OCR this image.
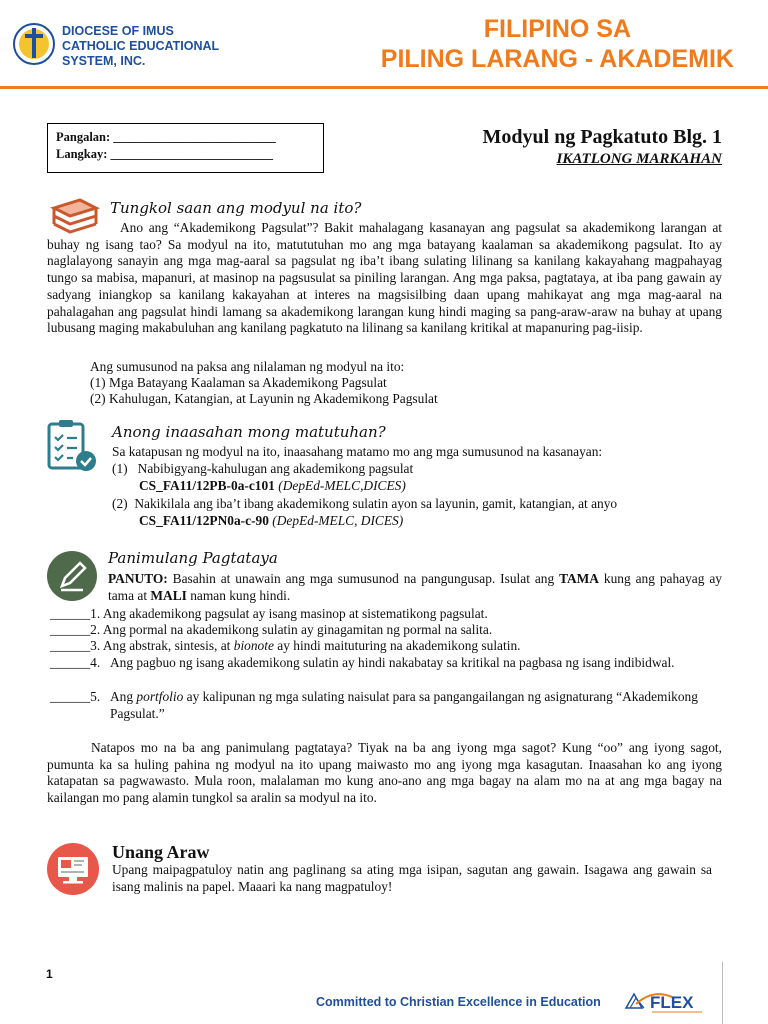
DIOCESE OF IMUS
CATHOLIC EDUCATIONAL
SYSTEM, INC.
FILIPINO SA
PILING LARANG - AKADEMIK
Pangalan: __________________________
Langkay: __________________________
Modyul ng Pagkatuto Blg. 1
IKATLONG MARKAHAN
Tungkol saan ang modyul na ito?
Ano ang “Akademikong Pagsulat”? Bakit mahalagang kasanayan ang pagsulat sa akademikong larangan at buhay ng isang tao? Sa modyul na ito, matututuhan mo ang mga batayang kaalaman sa akademikong pagsulat. Ito ay naglalayong sanayin ang mga mag-aaral sa pagsulat ng iba’t ibang sulating lilinang sa kanilang kakayahang magpahayag tungo sa mabisa, mapanuri, at masinop na pagsusulat sa piniling larangan. Ang mga paksa, pagtataya, at iba pang gawain ay sadyang iniangkop sa kanilang kakayahan at interes na magsisilbing daan upang mahikayat ang mga mag-aaral na pahalagahan ang pagsulat hindi lamang sa akademikong larangan kung hindi maging sa pang-araw-araw na buhay at upang lubusang maging makabuluhan ang kanilang pagkatuto na lilinang sa kanilang kritikal at mapanuring pag-iisip.
Ang sumusunod na paksa ang nilalaman ng modyul na ito:
(1) Mga Batayang Kaalaman sa Akademikong Pagsulat
(2) Kahulugan, Katangian, at Layunin ng Akademikong Pagsulat
Anong inaasahan mong matutuhan?
Sa katapusan ng modyul na ito, inaasahang matamo mo ang mga sumusunod na kasanayan:
(1) Nabibigyang-kahulugan ang akademikong pagsulat
CS_FA11/12PB-0a-c101 (DepEd-MELC,DICES)
(2) Nakikilala ang iba’t ibang akademikong sulatin ayon sa layunin, gamit, katangian, at anyo
CS_FA11/12PN0a-c-90 (DepEd-MELC, DICES)
Panimulang Pagtataya
PANUTO: Basahin at unawain ang mga sumusunod na pangungusap. Isulat ang TAMA kung ang pahayag ay tama at MALI naman kung hindi.
______1. Ang akademikong pagsulat ay isang masinop at sistematikong pagsulat.
______2. Ang pormal na akademikong sulatin ay ginagamitan ng pormal na salita.
______3. Ang abstrak, sintesis, at bionote ay hindi maituturing na akademikong sulatin.
______4. Ang pagbuo ng isang akademikong sulatin ay hindi nakabatay sa kritikal na pagbasa ng isang indibidwal.
______5. Ang portfolio ay kalipunan ng mga sulating naisulat para sa pangangailangan ng asignaturang “Akademikong Pagsulat.”
Natapos mo na ba ang panimulang pagtataya? Tiyak na ba ang iyong mga sagot? Kung “oo” ang iyong sagot, pumunta ka sa huling pahina ng modyul na ito upang maiwasto mo ang iyong mga kasagutan. Inaasahan ko ang iyong katapatan sa pagwawasto. Mula roon, malalaman mo kung ano-ano ang mga bagay na alam mo na at ang mga bagay na kailangan mo pang alamin tungkol sa aralin sa modyul na ito.
Unang Araw
Upang maipagpatuloy natin ang paglinang sa ating mga isipan, sagutan ang gawain. Isagawa ang gawain sa isang malinis na papel. Maaari ka nang magpatuloy!
1
Committed to Christian Excellence in Education	FLEX
